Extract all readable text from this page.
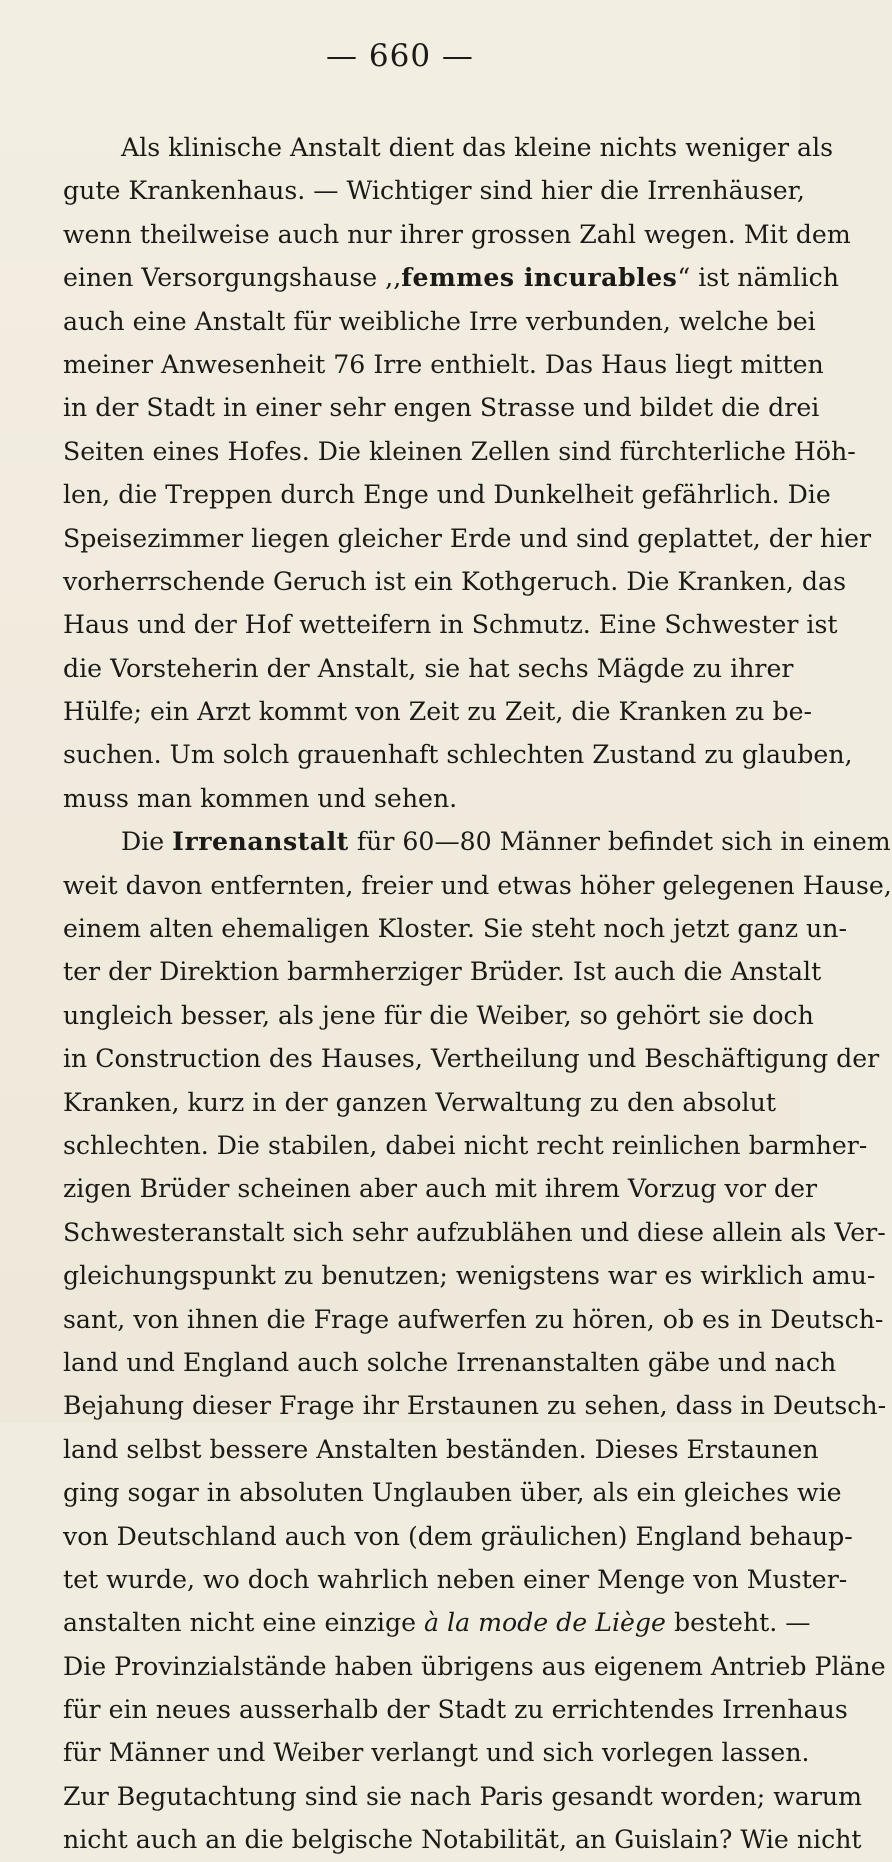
— 660 —
Als klinische Anstalt dient das kleine nichts weniger als
gute Krankenhaus. — Wichtiger sind hier die Irrenhäuser,
wenn theilweise auch nur ihrer grossen Zahl wegen. Mit dem
einen Versorgungshause ,,femmes incurables“ ist nämlich
auch eine Anstalt für weibliche Irre verbunden, welche bei
meiner Anwesenheit 76 Irre enthielt. Das Haus liegt mitten
in der Stadt in einer sehr engen Strasse und bildet die drei
Seiten eines Hofes. Die kleinen Zellen sind fürchterliche Höh-
len, die Treppen durch Enge und Dunkelheit gefährlich. Die
Speisezimmer liegen gleicher Erde und sind geplattet, der hier
vorherrschende Geruch ist ein Kothgeruch. Die Kranken, das
Haus und der Hof wetteifern in Schmutz. Eine Schwester ist
die Vorsteherin der Anstalt, sie hat sechs Mägde zu ihrer
Hülfe; ein Arzt kommt von Zeit zu Zeit, die Kranken zu be-
suchen. Um solch grauenhaft schlechten Zustand zu glauben,
muss man kommen und sehen.
Die Irrenanstalt für 60—80 Männer befindet sich in einem
weit davon entfernten, freier und etwas höher gelegenen Hause,
einem alten ehemaligen Kloster. Sie steht noch jetzt ganz un-
ter der Direktion barmherziger Brüder. Ist auch die Anstalt
ungleich besser, als jene für die Weiber, so gehört sie doch
in Construction des Hauses, Vertheilung und Beschäftigung der
Kranken, kurz in der ganzen Verwaltung zu den absolut
schlechten. Die stabilen, dabei nicht recht reinlichen barmher-
zigen Brüder scheinen aber auch mit ihrem Vorzug vor der
Schwesteranstalt sich sehr aufzublähen und diese allein als Ver-
gleichungspunkt zu benutzen; wenigstens war es wirklich amu-
sant, von ihnen die Frage aufwerfen zu hören, ob es in Deutsch-
land und England auch solche Irrenanstalten gäbe und nach
Bejahung dieser Frage ihr Erstaunen zu sehen, dass in Deutsch-
land selbst bessere Anstalten beständen. Dieses Erstaunen
ging sogar in absoluten Unglauben über, als ein gleiches wie
von Deutschland auch von (dem gräulichen) England behaup-
tet wurde, wo doch wahrlich neben einer Menge von Muster-
anstalten nicht eine einzige à la mode de Liège besteht. —
Die Provinzialstände haben übrigens aus eigenem Antrieb Pläne
für ein neues ausserhalb der Stadt zu errichtendes Irrenhaus
für Männer und Weiber verlangt und sich vorlegen lassen.
Zur Begutachtung sind sie nach Paris gesandt worden; warum
nicht auch an die belgische Notabilität, an Guislain? Wie nicht
